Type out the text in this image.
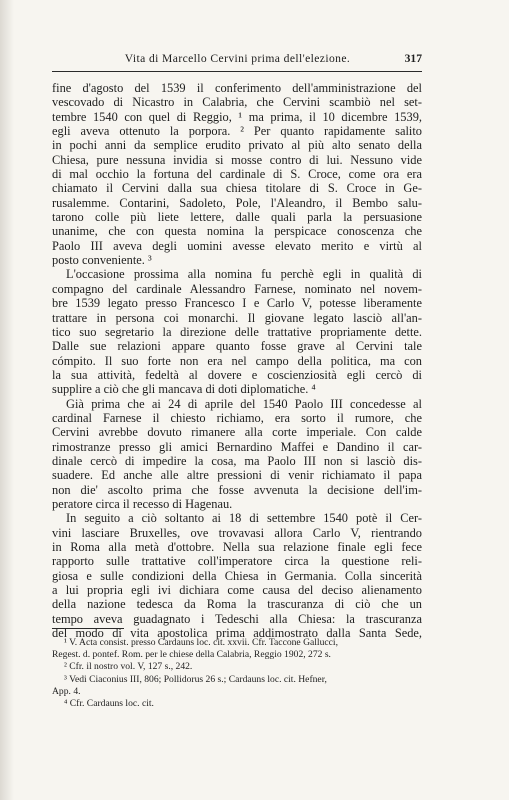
Vita di Marcello Cervini prima dell'elezione.	317
fine d'agosto del 1539 il conferimento dell'amministrazione del
vescovado di Nicastro in Calabria, che Cervini scambiò nel set-
tembre 1540 con quel di Reggio, ¹ ma prima, il 10 dicembre 1539,
egli aveva ottenuto la porpora. ² Per quanto rapidamente salito
in pochi anni da semplice erudito privato al più alto senato della
Chiesa, pure nessuna invidia si mosse contro di lui. Nessuno vide
di mal occhio la fortuna del cardinale di S. Croce, come ora era
chiamato il Cervini dalla sua chiesa titolare di S. Croce in Ge-
rusalemme. Contarini, Sadoleto, Pole, l'Aleandro, il Bembo salu-
tarono colle più liete lettere, dalle quali parla la persuasione
unanime, che con questa nomina la perspicace conoscenza che
Paolo III aveva degli uomini avesse elevato merito e virtù al
posto conveniente. ³
L'occasione prossima alla nomina fu perchè egli in qualità di
compagno del cardinale Alessandro Farnese, nominato nel novem-
bre 1539 legato presso Francesco I e Carlo V, potesse liberamente
trattare in persona coi monarchi. Il giovane legato lasciò all'an-
tico suo segretario la direzione delle trattative propriamente dette.
Dalle sue relazioni appare quanto fosse grave al Cervini tale
cómpito. Il suo forte non era nel campo della politica, ma con
la sua attività, fedeltà al dovere e coscienziosità egli cercò di
supplire a ciò che gli mancava di doti diplomatiche. ⁴
Già prima che ai 24 di aprile del 1540 Paolo III concedesse al
cardinal Farnese il chiesto richiamo, era sorto il rumore, che
Cervini avrebbe dovuto rimanere alla corte imperiale. Con calde
rimostranze presso gli amici Bernardino Maffei e Dandino il car-
dinale cercò di impedire la cosa, ma Paolo III non si lasciò dis-
suadere. Ed anche alle altre pressioni di venir richiamato il papa
non die' ascolto prima che fosse avvenuta la decisione dell'im-
peratore circa il recesso di Hagenau.
In seguito a ciò soltanto ai 18 di settembre 1540 potè il Cer-
vini lasciare Bruxelles, ove trovavasi allora Carlo V, rientrando
in Roma alla metà d'ottobre. Nella sua relazione finale egli fece
rapporto sulle trattative coll'imperatore circa la questione reli-
giosa e sulle condizioni della Chiesa in Germania. Colla sincerità
a lui propria egli ivi dichiara come causa del deciso alienamento
della nazione tedesca da Roma la trascuranza di ciò che un
tempo aveva guadagnato i Tedeschi alla Chiesa: la trascuranza
del modo di vita apostolica prima addimostrato dalla Santa Sede,
¹ V. Acta consist. presso Cardauns loc. cit. xxvii. Cfr. Taccone Gallucci,
Regest. d. pontef. Rom. per le chiese della Calabria, Reggio 1902, 272 s.
² Cfr. il nostro vol. V, 127 s., 242.
³ Vedi Ciaconius III, 806; Pollidorus 26 s.; Cardauns loc. cit. Hefner,
App. 4.
⁴ Cfr. Cardauns loc. cit.
